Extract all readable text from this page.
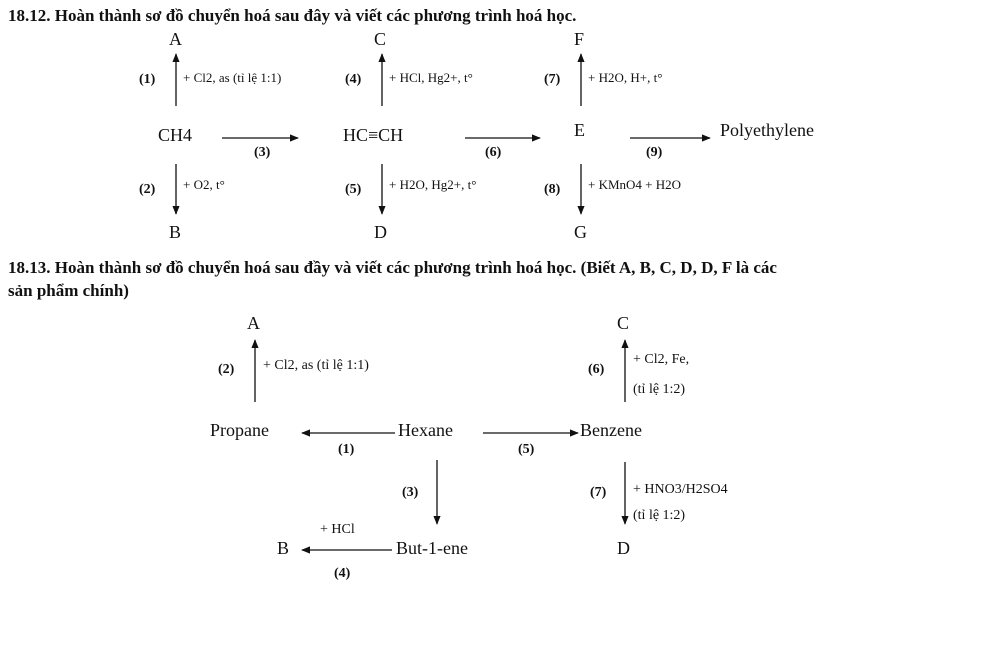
18.12. Hoàn thành sơ đồ chuyển hoá sau đây và viết các phương trình hoá học.
A	C	F
(1) + Cl2, as (tỉ lệ 1:1)	(4) + HCl, Hg2+, t°	(7) + H2O, H+, t°
CH4
(3)
HC≡CH
(6)
E
(9)
Polyethylene
(2) + O2, t°	(5) + H2O, Hg2+, t°	(8) + KMnO4 + H2O
B	D	G
18.13. Hoàn thành sơ đồ chuyển hoá sau đầy và viết các phương trình hoá học. (Biết A, B, C, D, D, F là các
sản phẩm chính)
A	C
(2) + Cl2, as (tỉ lệ 1:1)	(6)
+ Cl2, Fe,
(tỉ lệ 1:2)
Propane
(1)
Hexane
(5)
Benzene
(3)	(7) + HNO3/H2SO4
(tỉ lệ 1:2)
B
+ HCl
(4)
But-1-ene	D
